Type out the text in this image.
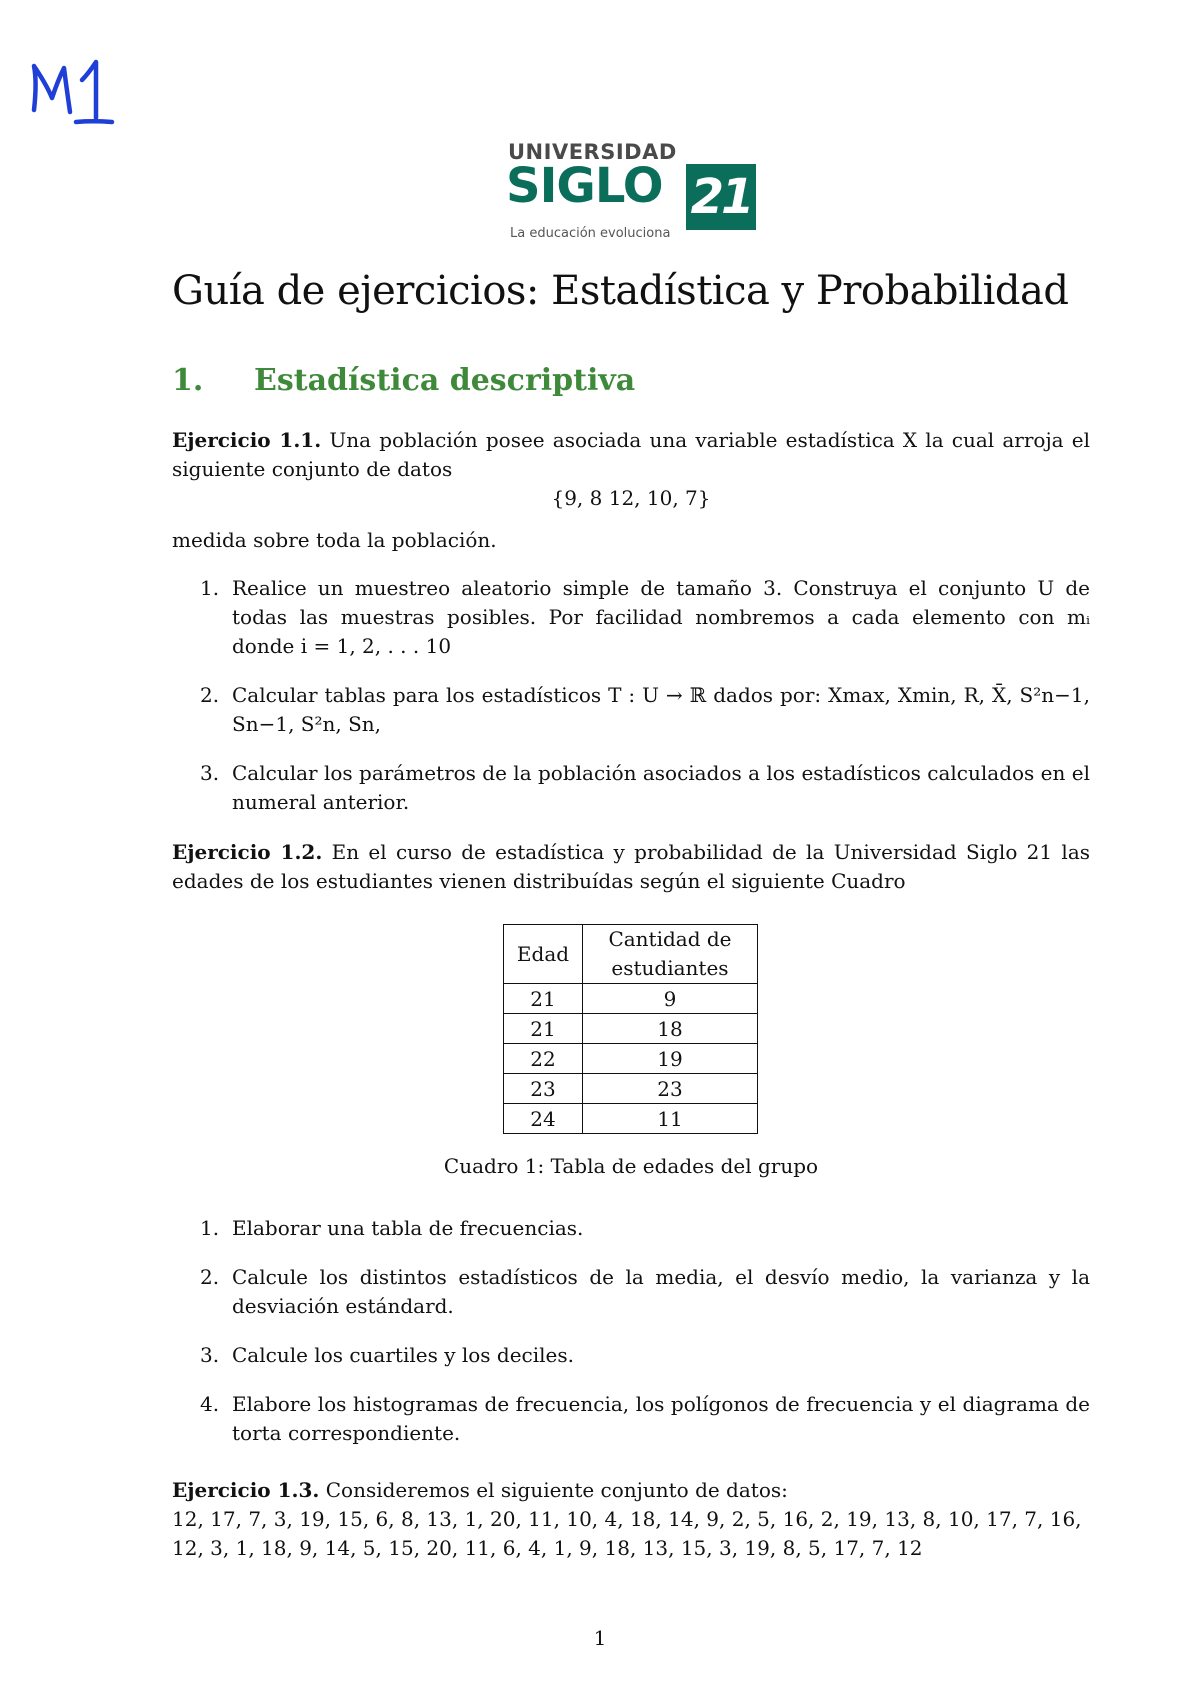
UNIVERSIDAD
SIGLO 21
La educación evoluciona
Guía de ejercicios: Estadística y Probabilidad
1. Estadística descriptiva

Ejercicio 1.1. Una población posee asociada una variable estadística X la cual arroja el siguiente conjunto de datos

{9, 8 12, 10, 7}

medida sobre toda la población.

1. Realice un muestreo aleatorio simple de tamaño 3. Construya el conjunto U de todas las muestras posibles. Por facilidad nombremos a cada elemento con mᵢ donde i = 1, 2, . . . 10
2. Calcular tablas para los estadísticos T : U → ℝ dados por: Xmax, Xmin, R, X̄, S²n−1, Sn−1, S²n, Sn,
3. Calcular los parámetros de la población asociados a los estadísticos calculados en el numeral anterior.

Ejercicio 1.2. En el curso de estadística y probabilidad de la Universidad Siglo 21 las edades de los estudiantes vienen distribuídas según el siguiente Cuadro

Edad	Cantidad de estudiantes
21	9
21	18
22	19
23	23
24	11
Cuadro 1: Tabla de edades del grupo
1. Elaborar una tabla de frecuencias.
2. Calcule los distintos estadísticos de la media, el desvío medio, la varianza y la desviación estándard.
3. Calcule los cuartiles y los deciles.
4. Elabore los histogramas de frecuencia, los polígonos de frecuencia y el diagrama de torta correspondiente.

Ejercicio 1.3. Consideremos el siguiente conjunto de datos:

12, 17, 7, 3, 19, 15, 6, 8, 13, 1, 20, 11, 10, 4, 18, 14, 9, 2, 5, 16, 2, 19, 13, 8, 10, 17, 7, 16,
12, 3, 1, 18, 9, 14, 5, 15, 20, 11, 6, 4, 1, 9, 18, 13, 15, 3, 19, 8, 5, 17, 7, 12
1
